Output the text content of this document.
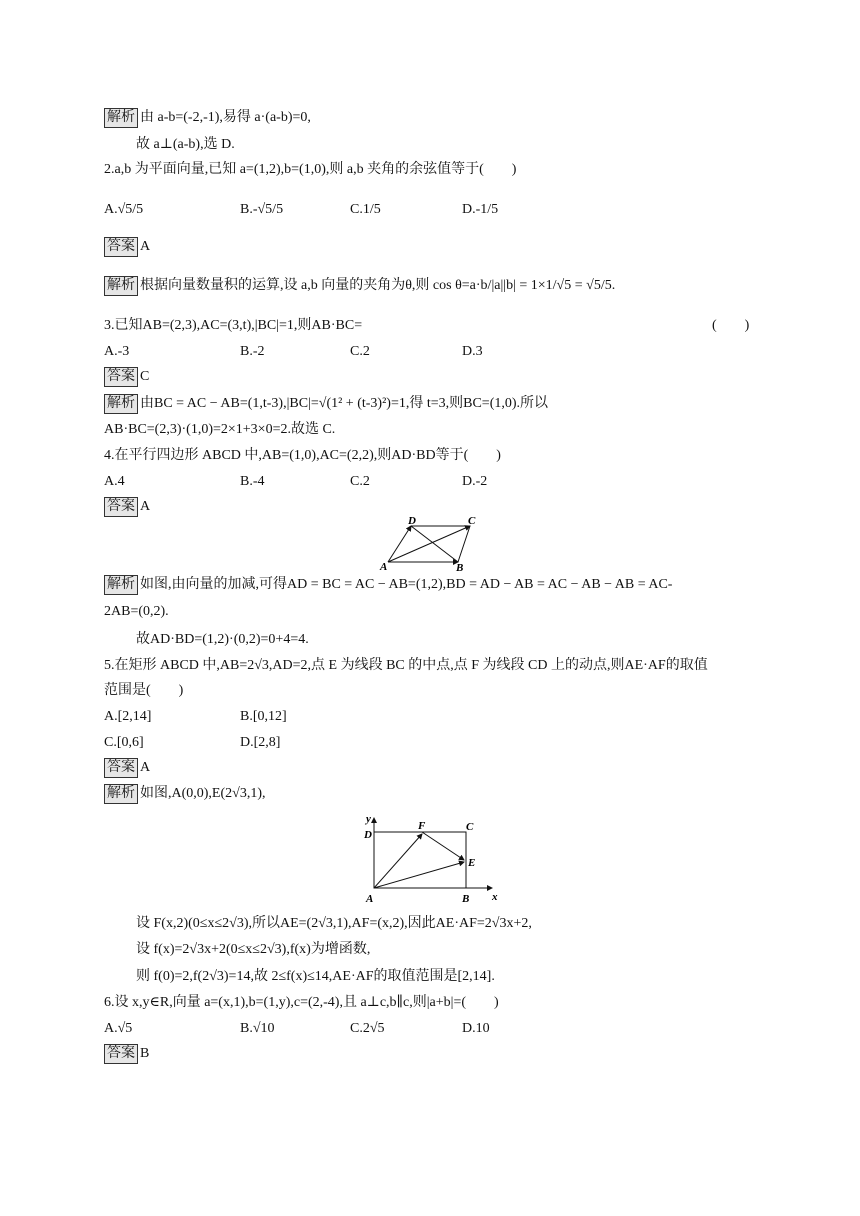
解析 由 a-b=(-2,-1),易得 a·(a-b)=0,
故 a⊥(a-b),选 D.
2.a,b 为平面向量,已知 a=(1,2),b=(1,0),则 a,b 夹角的余弦值等于(　　)
A.√5/5	B.-√5/5	C.1/5	D.-1/5
答案 A
解析 根据向量数量积的运算,设 a,b 向量的夹角为θ,则 cos θ=a·b/|a||b| = 1×1/√5 = √5/5.
3.已知AB=(2,3),AC=(3,t),|BC|=1,则AB·BC=	(　　)
A.-3	B.-2	C.2	D.3
答案 C
解析 由BC = AC − AB=(1,t-3),|BC|=√(1² + (t-3)²)=1,得 t=3,则BC=(1,0).所以
AB·BC=(2,3)·(1,0)=2×1+3×0=2.故选 C.
4.在平行四边形 ABCD 中,AB=(1,0),AC=(2,2),则AD·BD等于(　　)
A.4	B.-4	C.2	D.-2
答案 A
解析 如图,由向量的加减,可得AD = BC = AC − AB=(1,2),BD = AD − AB = AC − AB − AB = AC-
2AB=(0,2).
故AD·BD=(1,2)·(0,2)=0+4=4.
5.在矩形 ABCD 中,AB=2√3,AD=2,点 E 为线段 BC 的中点,点 F 为线段 CD 上的动点,则AE·AF的取值
范围是(　　)
A.[2,14]	B.[0,12]
C.[0,6]	D.[2,8]
答案 A
解析 如图,A(0,0),E(2√3,1),
设 F(x,2)(0≤x≤2√3),所以AE=(2√3,1),AF=(x,2),因此AE·AF=2√3x+2,
设 f(x)=2√3x+2(0≤x≤2√3),f(x)为增函数,
则 f(0)=2,f(2√3)=14,故 2≤f(x)≤14,AE·AF的取值范围是[2,14].
6.设 x,y∈R,向量 a=(x,1),b=(1,y),c=(2,-4),且 a⊥c,b∥c,则|a+b|=(　　)
A.√5	B.√10	C.2√5	D.10
答案 B
A	B
C
D
y
x
A	B
C
D
E
F
